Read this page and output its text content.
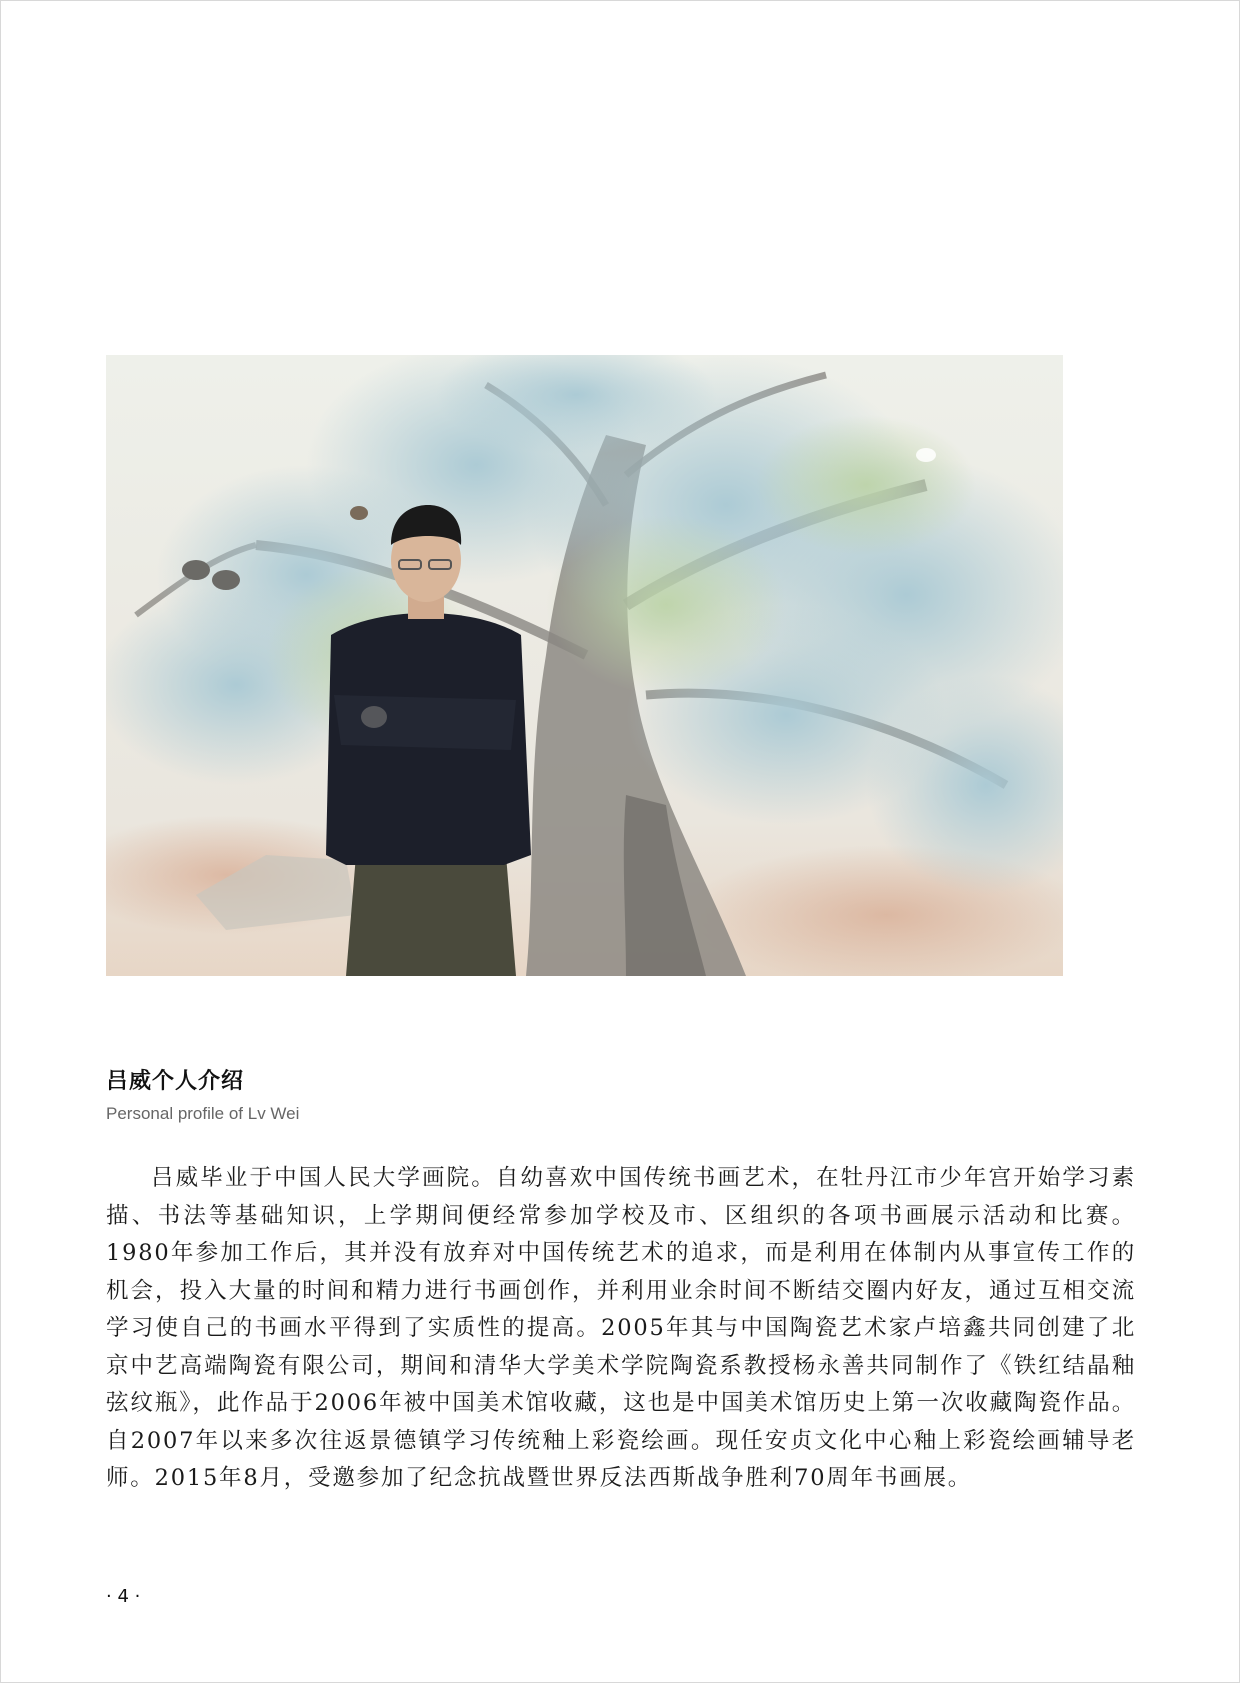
吕威个人介绍
Personal profile of Lv Wei

吕威毕业于中国人民大学画院。自幼喜欢中国传统书画艺术，在牡丹江市少年宫开始学习素描、书法等基础知识，上学期间便经常参加学校及市、区组织的各项书画展示活动和比赛。1980年参加工作后，其并没有放弃对中国传统艺术的追求，而是利用在体制内从事宣传工作的机会，投入大量的时间和精力进行书画创作，并利用业余时间不断结交圈内好友，通过互相交流学习使自己的书画水平得到了实质性的提高。2005年其与中国陶瓷艺术家卢培鑫共同创建了北京中艺高端陶瓷有限公司，期间和清华大学美术学院陶瓷系教授杨永善共同制作了《铁红结晶釉弦纹瓶》，此作品于2006年被中国美术馆收藏，这也是中国美术馆历史上第一次收藏陶瓷作品。自2007年以来多次往返景德镇学习传统釉上彩瓷绘画。现任安贞文化中心釉上彩瓷绘画辅导老师。2015年8月，受邀参加了纪念抗战暨世界反法西斯战争胜利70周年书画展。

· 4 ·
